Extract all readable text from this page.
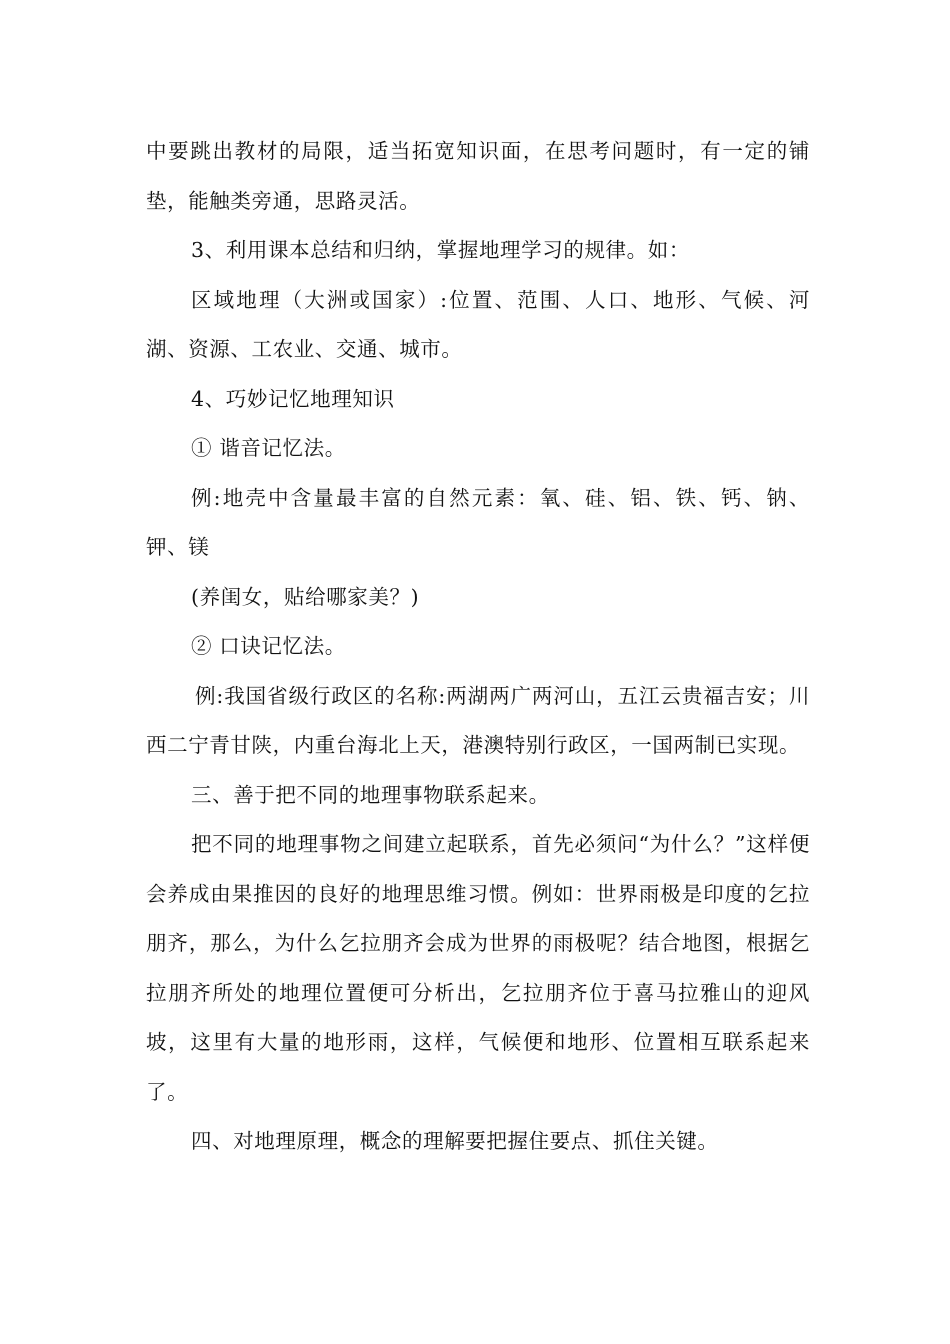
中要跳出教材的局限，适当拓宽知识面，在思考问题时，有一定的铺垫，能触类旁通，思路灵活。

3、利用课本总结和归纳，掌握地理学习的规律。如：

区域地理（大洲或国家）:位置、范围、人口、地形、气候、河湖、资源、工农业、交通、城市。

4、巧妙记忆地理知识

① 谐音记忆法。

例:地壳中含量最丰富的自然元素：氧、硅、铝、铁、钙、钠、钾、镁

(养闺女，贴给哪家美？)

② 口诀记忆法。

例:我国省级行政区的名称:两湖两广两河山，五江云贵福吉安；川西二宁青甘陕，内重台海北上天，港澳特别行政区，一国两制已实现。

三、善于把不同的地理事物联系起来。

把不同的地理事物之间建立起联系，首先必须问“为什么？”这样便会养成由果推因的良好的地理思维习惯。例如：世界雨极是印度的乞拉朋齐，那么，为什么乞拉朋齐会成为世界的雨极呢？结合地图，根据乞拉朋齐所处的地理位置便可分析出，乞拉朋齐位于喜马拉雅山的迎风坡，这里有大量的地形雨，这样，气候便和地形、位置相互联系起来了。

四、对地理原理，概念的理解要把握住要点、抓住关键。
